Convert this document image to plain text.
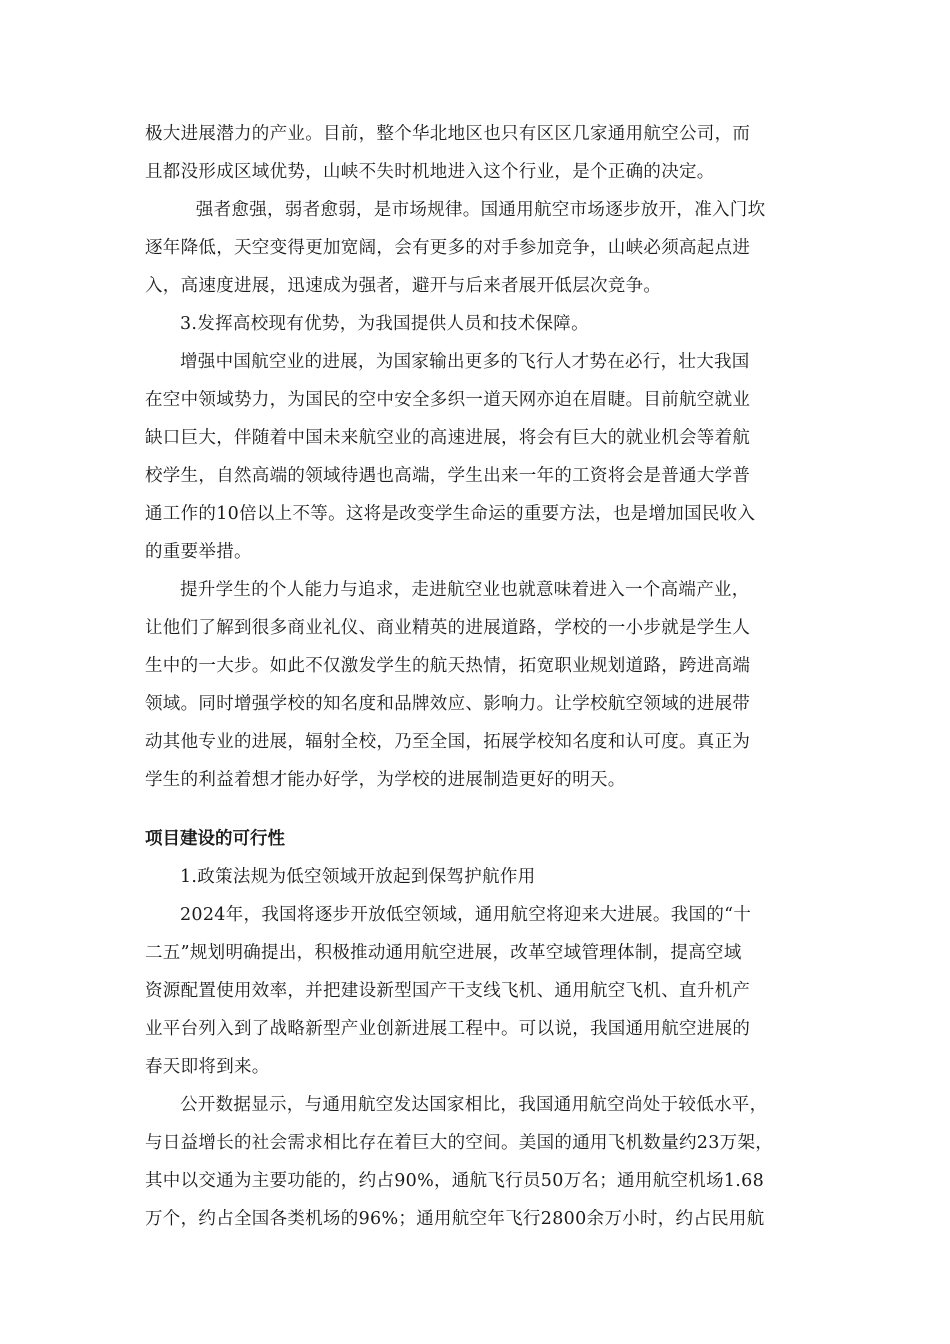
极大进展潜力的产业。目前，整个华北地区也只有区区几家通用航空公司，而
且都没形成区域优势，山峡不失时机地进入这个行业，是个正确的决定。
　强者愈强，弱者愈弱，是市场规律。国通用航空市场逐步放开，准入门坎
逐年降低，天空变得更加宽阔，会有更多的对手参加竞争，山峡必须高起点进
入，高速度进展，迅速成为强者，避开与后来者展开低层次竞争。
3.发挥高校现有优势，为我国提供人员和技术保障。
增强中国航空业的进展，为国家输出更多的飞行人才势在必行，壮大我国
在空中领域势力，为国民的空中安全多织一道天网亦迫在眉睫。目前航空就业
缺口巨大，伴随着中国未来航空业的高速进展，将会有巨大的就业机会等着航
校学生，自然高端的领域待遇也高端，学生出来一年的工资将会是普通大学普
通工作的10倍以上不等。这将是改变学生命运的重要方法，也是增加国民收入
的重要举措。
提升学生的个人能力与追求，走进航空业也就意味着进入一个高端产业，
让他们了解到很多商业礼仪、商业精英的进展道路，学校的一小步就是学生人
生中的一大步。如此不仅激发学生的航天热情，拓宽职业规划道路，跨进高端
领域。同时增强学校的知名度和品牌效应、影响力。让学校航空领域的进展带
动其他专业的进展，辐射全校，乃至全国，拓展学校知名度和认可度。真正为
学生的利益着想才能办好学，为学校的进展制造更好的明天。
项目建设的可行性
1.政策法规为低空领域开放起到保驾护航作用
2024年，我国将逐步开放低空领域，通用航空将迎来大进展。我国的“十
二五”规划明确提出，积极推动通用航空进展，改革空域管理体制，提高空域
资源配置使用效率，并把建设新型国产干支线飞机、通用航空飞机、直升机产
业平台列入到了战略新型产业创新进展工程中。可以说，我国通用航空进展的
春天即将到来。
公开数据显示，与通用航空发达国家相比，我国通用航空尚处于较低水平，
与日益增长的社会需求相比存在着巨大的空间。美国的通用飞机数量约23万架，
其中以交通为主要功能的，约占90%，通航飞行员50万名；通用航空机场1.68
万个，约占全国各类机场的96%；通用航空年飞行2800余万小时，约占民用航
